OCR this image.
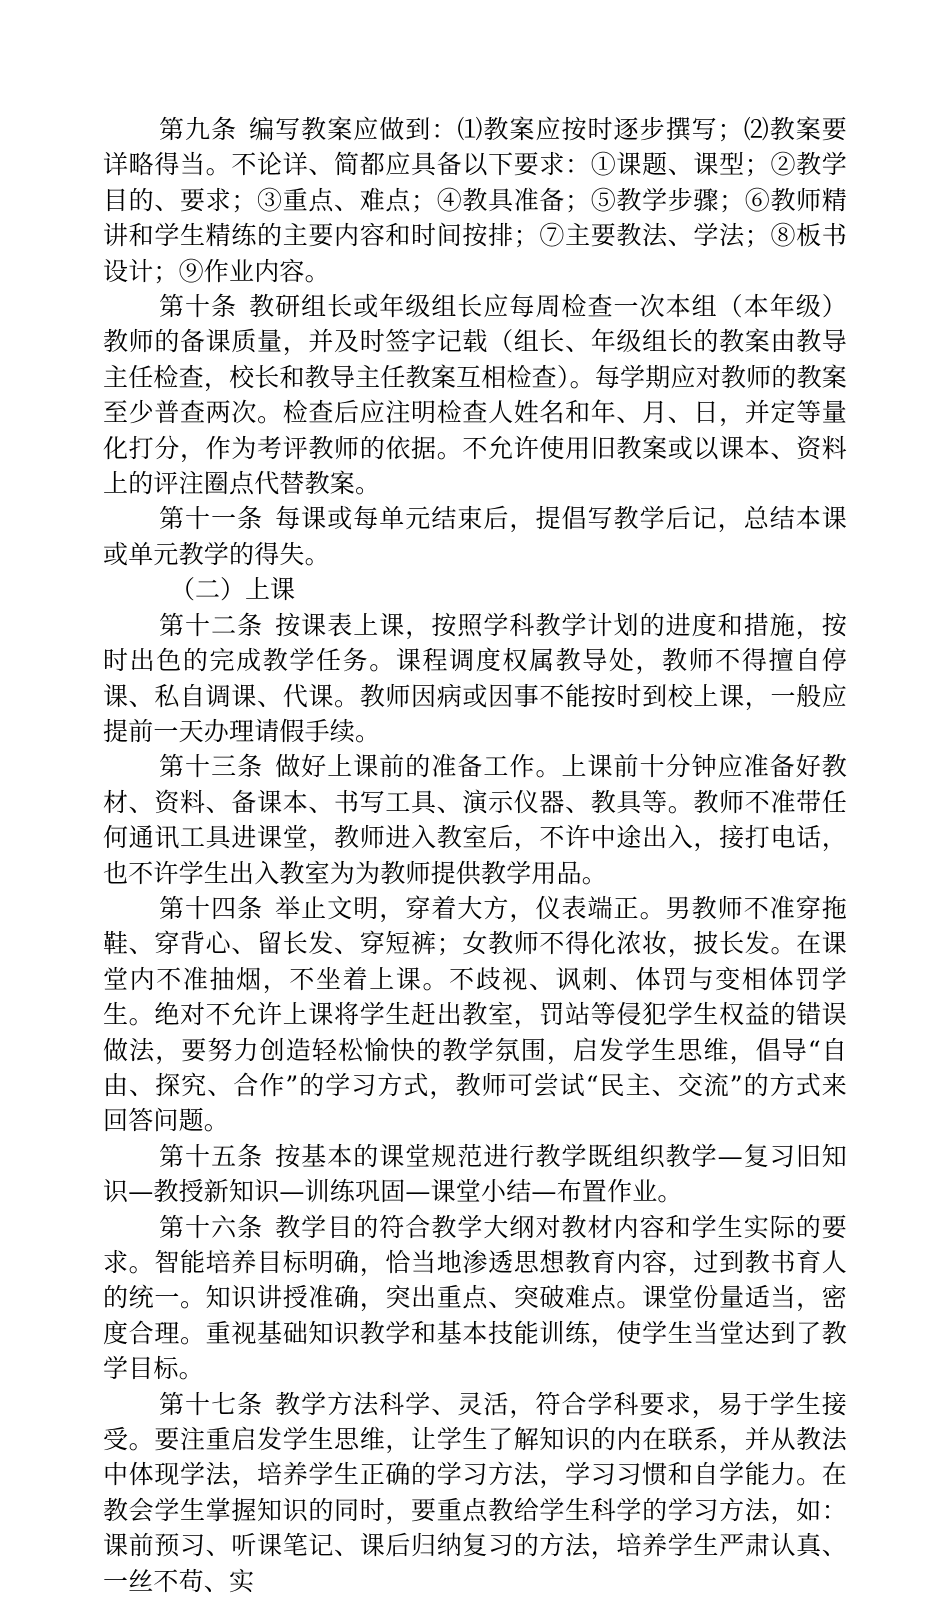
第九条 编写教案应做到：⑴教案应按时逐步撰写；⑵教案要详略得当。不论详、简都应具备以下要求：①课题、课型；②教学目的、要求；③重点、难点；④教具准备；⑤教学步骤；⑥教师精讲和学生精练的主要内容和时间按排；⑦主要教法、学法；⑧板书设计；⑨作业内容。

第十条 教研组长或年级组长应每周检查一次本组（本年级）教师的备课质量，并及时签字记载（组长、年级组长的教案由教导主任检查，校长和教导主任教案互相检查）。每学期应对教师的教案至少普查两次。检查后应注明检查人姓名和年、月、日，并定等量化打分，作为考评教师的依据。不允许使用旧教案或以课本、资料上的评注圈点代替教案。

第十一条 每课或每单元结束后，提倡写教学后记，总结本课或单元教学的得失。

（二）上课

第十二条 按课表上课，按照学科教学计划的进度和措施，按时出色的完成教学任务。课程调度权属教导处，教师不得擅自停课、私自调课、代课。教师因病或因事不能按时到校上课，一般应提前一天办理请假手续。

第十三条 做好上课前的准备工作。上课前十分钟应准备好教材、资料、备课本、书写工具、演示仪器、教具等。教师不准带任何通讯工具进课堂，教师进入教室后，不许中途出入，接打电话，也不许学生出入教室为为教师提供教学用品。

第十四条 举止文明，穿着大方，仪表端正。男教师不准穿拖鞋、穿背心、留长发、穿短裤；女教师不得化浓妆，披长发。在课堂内不准抽烟，不坐着上课。不歧视、讽刺、体罚与变相体罚学生。绝对不允许上课将学生赶出教室，罚站等侵犯学生权益的错误做法，要努力创造轻松愉快的教学氛围，启发学生思维，倡导“自由、探究、合作”的学习方式，教师可尝试“民主、交流”的方式来回答问题。

第十五条 按基本的课堂规范进行教学既组织教学—复习旧知识—教授新知识—训练巩固—课堂小结—布置作业。

第十六条 教学目的符合教学大纲对教材内容和学生实际的要求。智能培养目标明确，恰当地渗透思想教育内容，过到教书育人的统一。知识讲授准确，突出重点、突破难点。课堂份量适当，密度合理。重视基础知识教学和基本技能训练，使学生当堂达到了教学目标。

第十七条 教学方法科学、灵活，符合学科要求，易于学生接受。要注重启发学生思维，让学生了解知识的内在联系，并从教法中体现学法，培养学生正确的学习方法，学习习惯和自学能力。在教会学生掌握知识的同时，要重点教给学生科学的学习方法，如：课前预习、听课笔记、课后归纳复习的方法，培养学生严肃认真、一丝不苟、实
